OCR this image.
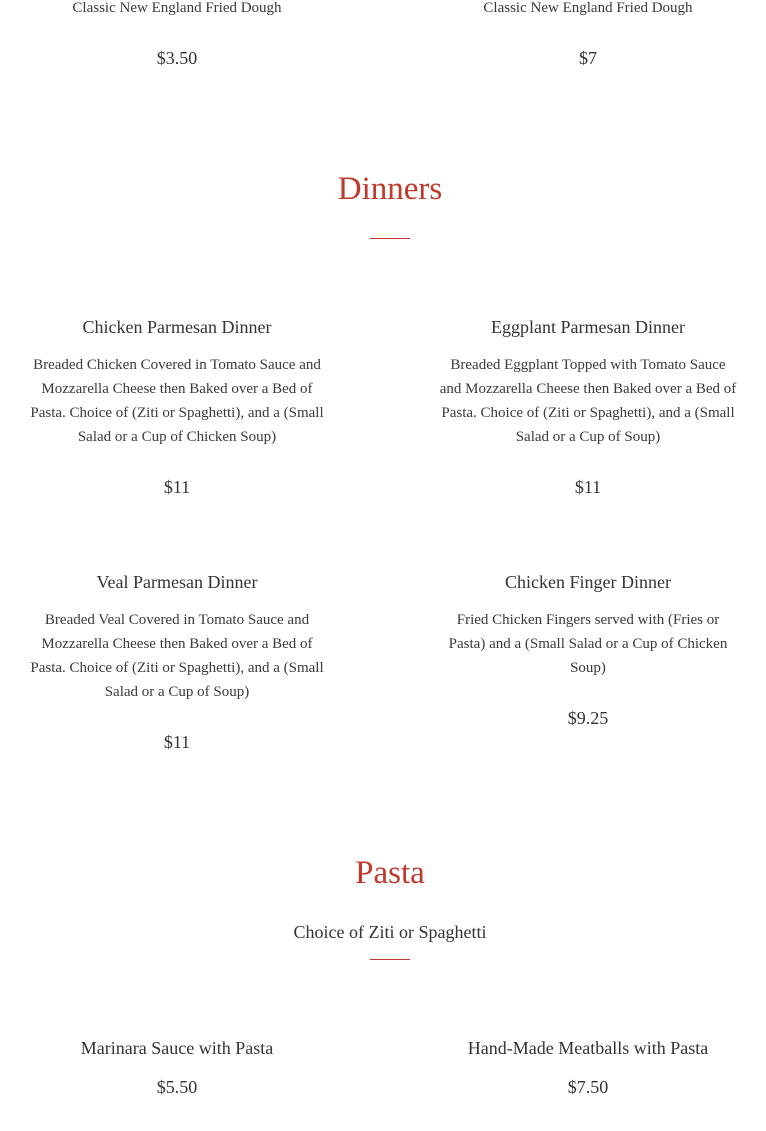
Classic New England Fried Dough
$3.50
Classic New England Fried Dough
$7
Dinners
Chicken Parmesan Dinner
Breaded Chicken Covered in Tomato Sauce and Mozzarella Cheese then Baked over a Bed of Pasta. Choice of (Ziti or Spaghetti), and a (Small Salad or a Cup of Chicken Soup)
$11
Eggplant Parmesan Dinner
Breaded Eggplant Topped with Tomato Sauce and Mozzarella Cheese then Baked over a Bed of Pasta. Choice of (Ziti or Spaghetti), and a (Small Salad or a Cup of Soup)
$11
Veal Parmesan Dinner
Breaded Veal Covered in Tomato Sauce and Mozzarella Cheese then Baked over a Bed of Pasta. Choice of (Ziti or Spaghetti), and a (Small Salad or a Cup of Soup)
$11
Chicken Finger Dinner
Fried Chicken Fingers served with (Fries or Pasta) and a (Small Salad or a Cup of Chicken Soup)
$9.25
Pasta
Choice of Ziti or Spaghetti
Marinara Sauce with Pasta
$5.50
Hand-Made Meatballs with Pasta
$7.50
